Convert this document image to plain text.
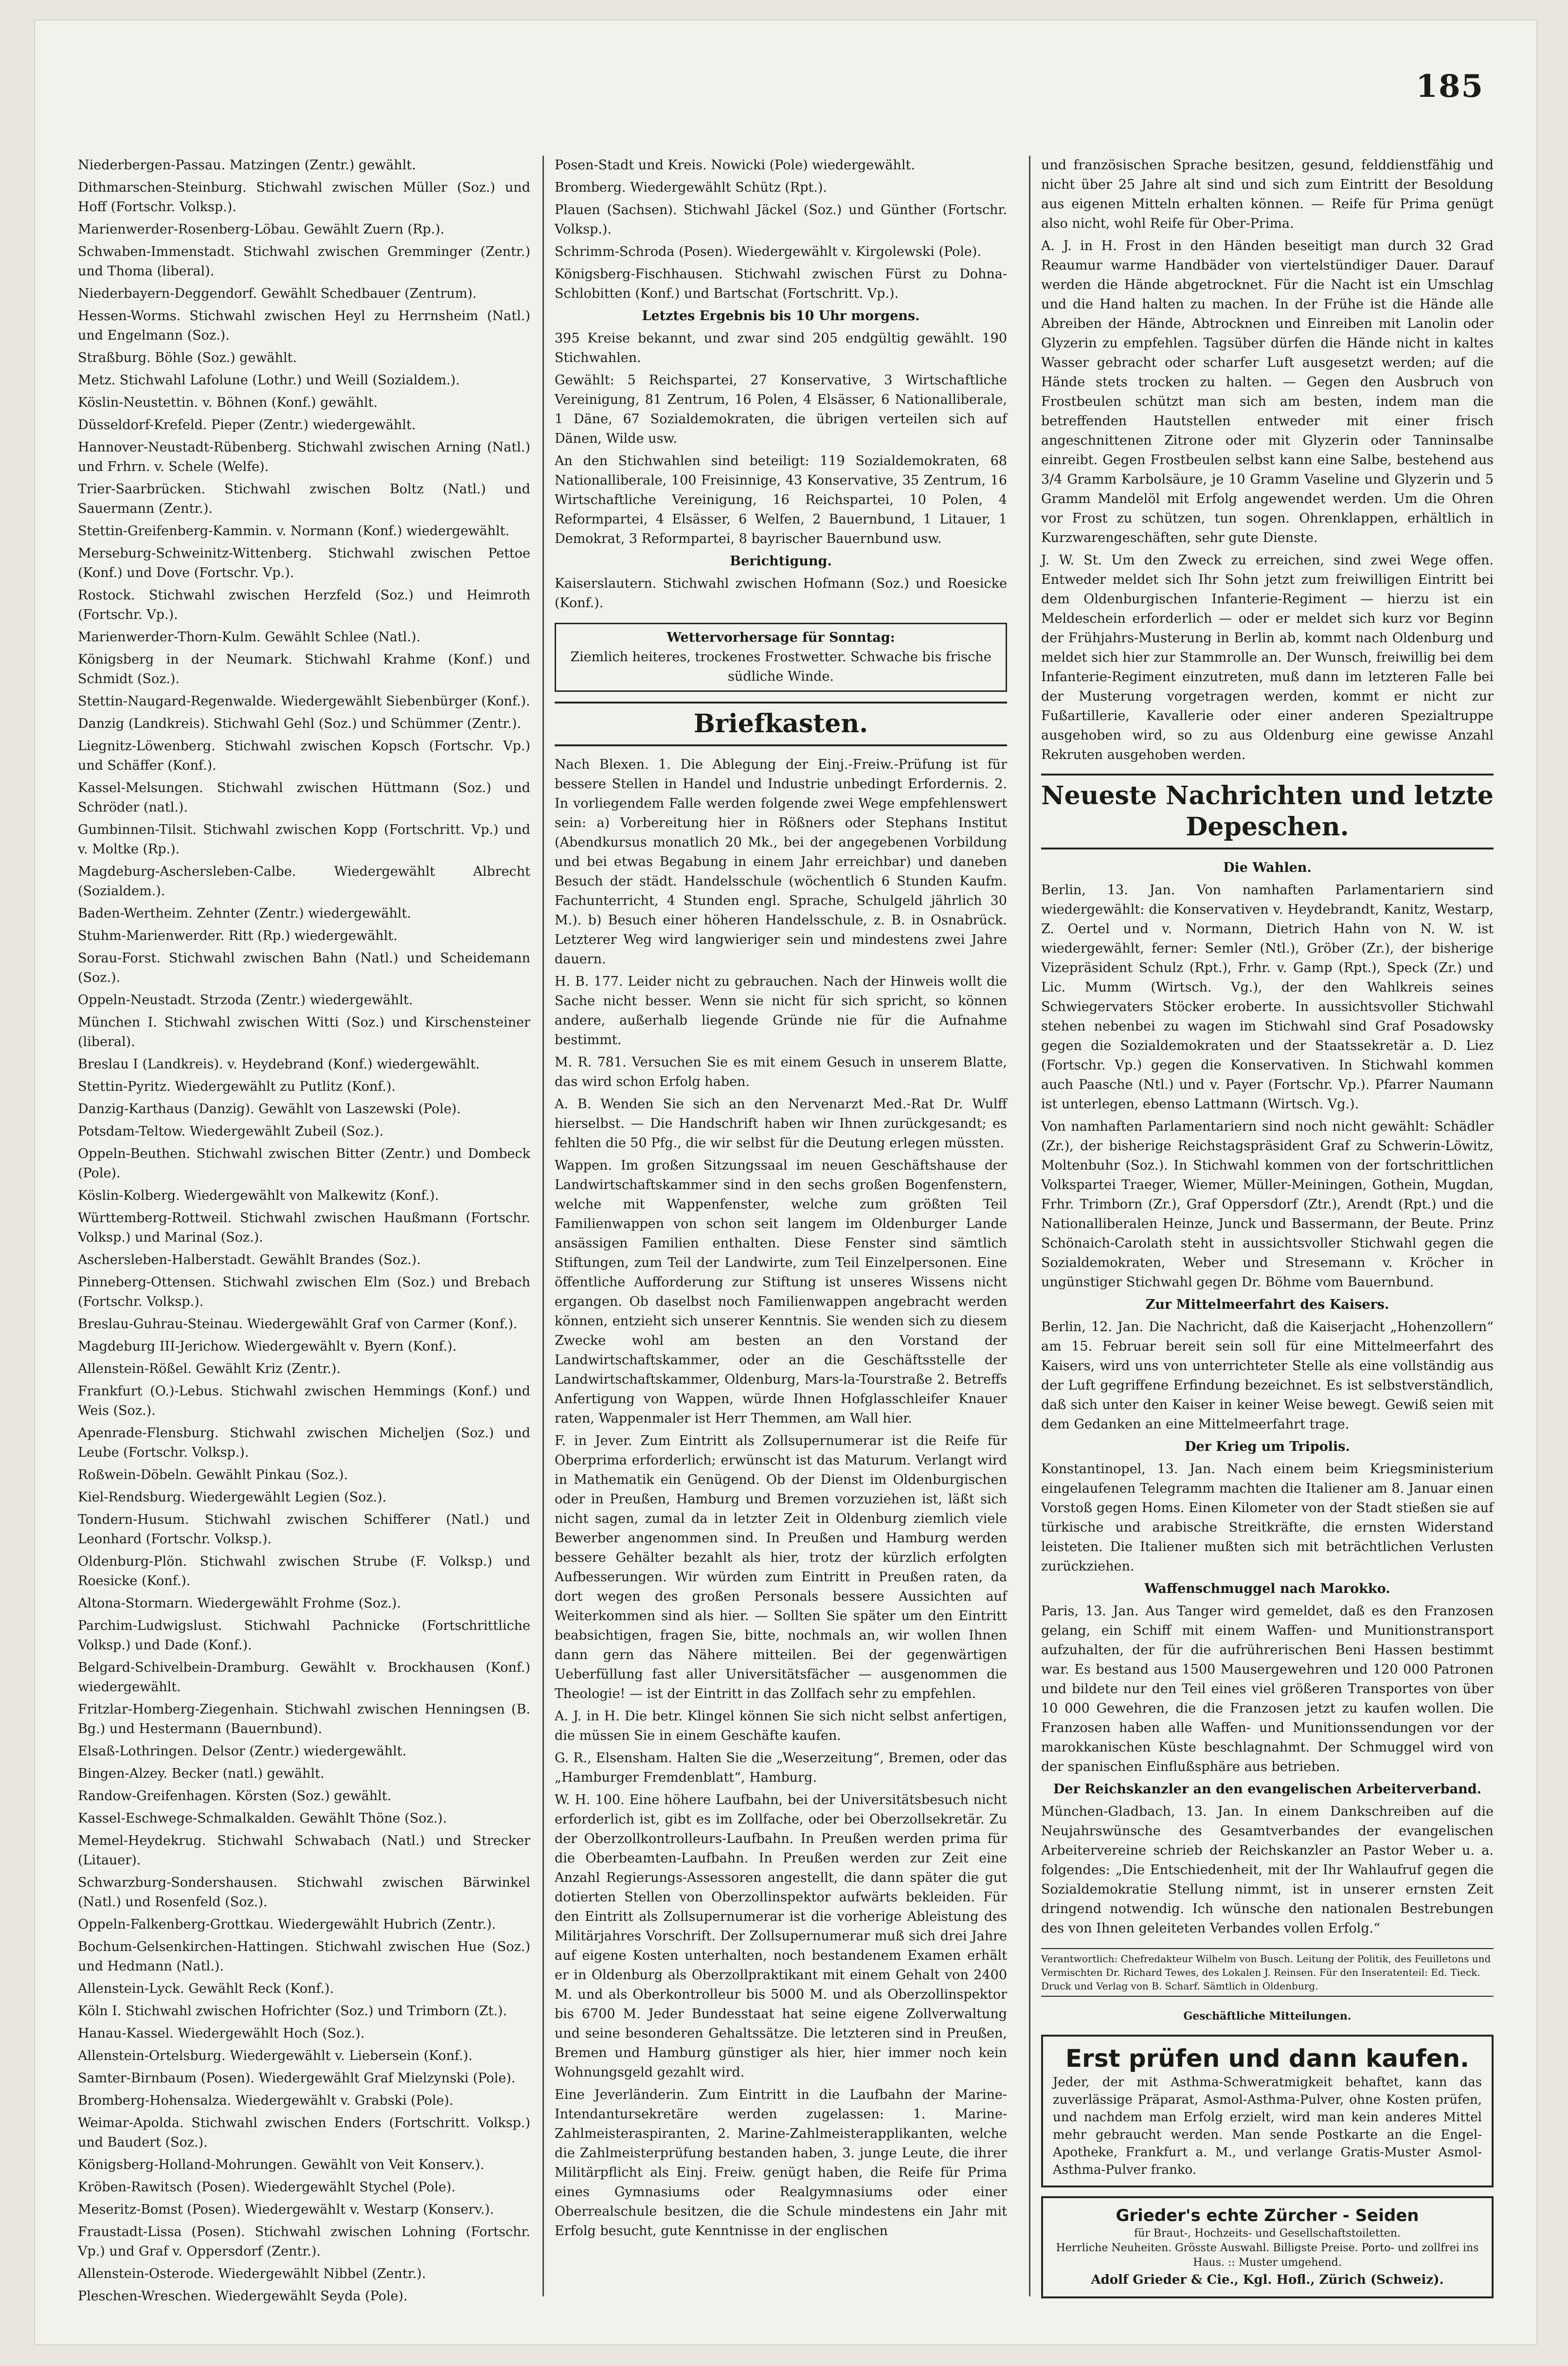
185

Niederbergen-Passau. Matzingen (Zentr.) gewählt.

Dithmarschen-Steinburg. Stichwahl zwischen Müller (Soz.) und Hoff (Fortschr. Volksp.).

Marienwerder-Rosenberg-Löbau. Gewählt Zuern (Rp.).

Schwaben-Immenstadt. Stichwahl zwischen Gremminger (Zentr.) und Thoma (liberal).

Niederbayern-Deggendorf. Gewählt Schedbauer (Zentrum).

Hessen-Worms. Stichwahl zwischen Heyl zu Herrnsheim (Natl.) und Engelmann (Soz.).

Straßburg. Böhle (Soz.) gewählt.

Metz. Stichwahl Lafolune (Lothr.) und Weill (Sozialdem.).

Köslin-Neustettin. v. Böhnen (Konf.) gewählt.

Düsseldorf-Krefeld. Pieper (Zentr.) wiedergewählt.

Hannover-Neustadt-Rübenberg. Stichwahl zwischen Arning (Natl.) und Frhrn. v. Schele (Welfe).

Trier-Saarbrücken. Stichwahl zwischen Boltz (Natl.) und Sauermann (Zentr.).

Stettin-Greifenberg-Kammin. v. Normann (Konf.) wiedergewählt.

Merseburg-Schweinitz-Wittenberg. Stichwahl zwischen Pettoe (Konf.) und Dove (Fortschr. Vp.).

Rostock. Stichwahl zwischen Herzfeld (Soz.) und Heimroth (Fortschr. Vp.).

Marienwerder-Thorn-Kulm. Gewählt Schlee (Natl.).

Königsberg in der Neumark. Stichwahl Krahme (Konf.) und Schmidt (Soz.).

Stettin-Naugard-Regenwalde. Wiedergewählt Siebenbürger (Konf.).

Danzig (Landkreis). Stichwahl Gehl (Soz.) und Schümmer (Zentr.).

Liegnitz-Löwenberg. Stichwahl zwischen Kopsch (Fortschr. Vp.) und Schäffer (Konf.).

Kassel-Melsungen. Stichwahl zwischen Hüttmann (Soz.) und Schröder (natl.).

Gumbinnen-Tilsit. Stichwahl zwischen Kopp (Fortschritt. Vp.) und v. Moltke (Rp.).

Magdeburg-Aschersleben-Calbe. Wiedergewählt Albrecht (Sozialdem.).

Baden-Wertheim. Zehnter (Zentr.) wiedergewählt.

Stuhm-Marienwerder. Ritt (Rp.) wiedergewählt.

Sorau-Forst. Stichwahl zwischen Bahn (Natl.) und Scheidemann (Soz.).

Oppeln-Neustadt. Strzoda (Zentr.) wiedergewählt.

München I. Stichwahl zwischen Witti (Soz.) und Kirschensteiner (liberal).

Breslau I (Landkreis). v. Heydebrand (Konf.) wiedergewählt.

Stettin-Pyritz. Wiedergewählt zu Putlitz (Konf.).

Danzig-Karthaus (Danzig). Gewählt von Laszewski (Pole).

Potsdam-Teltow. Wiedergewählt Zubeil (Soz.).

Oppeln-Beuthen. Stichwahl zwischen Bitter (Zentr.) und Dombeck (Pole).

Köslin-Kolberg. Wiedergewählt von Malkewitz (Konf.).

Württemberg-Rottweil. Stichwahl zwischen Haußmann (Fortschr. Volksp.) und Marinal (Soz.).

Aschersleben-Halberstadt. Gewählt Brandes (Soz.).

Pinneberg-Ottensen. Stichwahl zwischen Elm (Soz.) und Brebach (Fortschr. Volksp.).

Breslau-Guhrau-Steinau. Wiedergewählt Graf von Carmer (Konf.).

Magdeburg III-Jerichow. Wiedergewählt v. Byern (Konf.).

Allenstein-Rößel. Gewählt Kriz (Zentr.).

Frankfurt (O.)-Lebus. Stichwahl zwischen Hemmings (Konf.) und Weis (Soz.).

Apenrade-Flensburg. Stichwahl zwischen Micheljen (Soz.) und Leube (Fortschr. Volksp.).

Roßwein-Döbeln. Gewählt Pinkau (Soz.).

Kiel-Rendsburg. Wiedergewählt Legien (Soz.).

Tondern-Husum. Stichwahl zwischen Schifferer (Natl.) und Leonhard (Fortschr. Volksp.).

Oldenburg-Plön. Stichwahl zwischen Strube (F. Volksp.) und Roesicke (Konf.).

Altona-Stormarn. Wiedergewählt Frohme (Soz.).

Parchim-Ludwigslust. Stichwahl Pachnicke (Fortschrittliche Volksp.) und Dade (Konf.).

Belgard-Schivelbein-Dramburg. Gewählt v. Brockhausen (Konf.) wiedergewählt.

Fritzlar-Homberg-Ziegenhain. Stichwahl zwischen Henningsen (B. Bg.) und Hestermann (Bauernbund).

Elsaß-Lothringen. Delsor (Zentr.) wiedergewählt.

Bingen-Alzey. Becker (natl.) gewählt.

Randow-Greifenhagen. Körsten (Soz.) gewählt.

Kassel-Eschwege-Schmalkalden. Gewählt Thöne (Soz.).

Memel-Heydekrug. Stichwahl Schwabach (Natl.) und Strecker (Litauer).

Schwarzburg-Sondershausen. Stichwahl zwischen Bärwinkel (Natl.) und Rosenfeld (Soz.).

Oppeln-Falkenberg-Grottkau. Wiedergewählt Hubrich (Zentr.).

Bochum-Gelsenkirchen-Hattingen. Stichwahl zwischen Hue (Soz.) und Hedmann (Natl.).

Allenstein-Lyck. Gewählt Reck (Konf.).

Köln I. Stichwahl zwischen Hofrichter (Soz.) und Trimborn (Zt.).

Hanau-Kassel. Wiedergewählt Hoch (Soz.).

Allenstein-Ortelsburg. Wiedergewählt v. Liebersein (Konf.).

Samter-Birnbaum (Posen). Wiedergewählt Graf Mielzynski (Pole).

Bromberg-Hohensalza. Wiedergewählt v. Grabski (Pole).

Weimar-Apolda. Stichwahl zwischen Enders (Fortschritt. Volksp.) und Baudert (Soz.).

Königsberg-Holland-Mohrungen. Gewählt von Veit Konserv.).

Kröben-Rawitsch (Posen). Wiedergewählt Stychel (Pole).

Meseritz-Bomst (Posen). Wiedergewählt v. Westarp (Konserv.).

Fraustadt-Lissa (Posen). Stichwahl zwischen Lohning (Fortschr. Vp.) und Graf v. Oppersdorf (Zentr.).

Allenstein-Osterode. Wiedergewählt Nibbel (Zentr.).

Pleschen-Wreschen. Wiedergewählt Seyda (Pole).

Posen-Stadt und Kreis. Nowicki (Pole) wiedergewählt.

Bromberg. Wiedergewählt Schütz (Rpt.).

Plauen (Sachsen). Stichwahl Jäckel (Soz.) und Günther (Fortschr. Volksp.).

Schrimm-Schroda (Posen). Wiedergewählt v. Kirgolewski (Pole).

Königsberg-Fischhausen. Stichwahl zwischen Fürst zu Dohna-Schlobitten (Konf.) und Bartschat (Fortschritt. Vp.).

Letztes Ergebnis bis 10 Uhr morgens.

395 Kreise bekannt, und zwar sind 205 endgültig gewählt. 190 Stichwahlen.

Gewählt: 5 Reichspartei, 27 Konservative, 3 Wirtschaftliche Vereinigung, 81 Zentrum, 16 Polen, 4 Elsässer, 6 Nationalliberale, 1 Däne, 67 Sozialdemokraten, die übrigen verteilen sich auf Dänen, Wilde usw.

An den Stichwahlen sind beteiligt: 119 Sozialdemokraten, 68 Nationalliberale, 100 Freisinnige, 43 Konservative, 35 Zentrum, 16 Wirtschaftliche Vereinigung, 16 Reichspartei, 10 Polen, 4 Reformpartei, 4 Elsässer, 6 Welfen, 2 Bauernbund, 1 Litauer, 1 Demokrat, 3 Reformpartei, 8 bayrischer Bauernbund usw.

Berichtigung.

Kaiserslautern. Stichwahl zwischen Hofmann (Soz.) und Roesicke (Konf.).

Wettervorhersage für Sonntag:
Ziemlich heiteres, trockenes Frostwetter. Schwache bis frische südliche Winde.
Briefkasten.

Nach Blexen. 1. Die Ablegung der Einj.-Freiw.-Prüfung ist für bessere Stellen in Handel und Industrie unbedingt Erfordernis. 2. In vorliegendem Falle werden folgende zwei Wege empfehlenswert sein: a) Vorbereitung hier in Rößners oder Stephans Institut (Abendkursus monatlich 20 Mk., bei der angegebenen Vorbildung und bei etwas Begabung in einem Jahr erreichbar) und daneben Besuch der städt. Handelsschule (wöchentlich 6 Stunden Kaufm. Fachunterricht, 4 Stunden engl. Sprache, Schulgeld jährlich 30 M.). b) Besuch einer höheren Handelsschule, z. B. in Osnabrück. Letzterer Weg wird langwieriger sein und mindestens zwei Jahre dauern.

H. B. 177. Leider nicht zu gebrauchen. Nach der Hinweis wollt die Sache nicht besser. Wenn sie nicht für sich spricht, so können andere, außerhalb liegende Gründe nie für die Aufnahme bestimmt.

M. R. 781. Versuchen Sie es mit einem Gesuch in unserem Blatte, das wird schon Erfolg haben.

A. B. Wenden Sie sich an den Nervenarzt Med.-Rat Dr. Wulff hierselbst. — Die Handschrift haben wir Ihnen zurückgesandt; es fehlten die 50 Pfg., die wir selbst für die Deutung erlegen müssten.

Wappen. Im großen Sitzungssaal im neuen Geschäftshause der Landwirtschaftskammer sind in den sechs großen Bogenfenstern, welche mit Wappenfenster, welche zum größten Teil Familienwappen von schon seit langem im Oldenburger Lande ansässigen Familien enthalten. Diese Fenster sind sämtlich Stiftungen, zum Teil der Landwirte, zum Teil Einzelpersonen. Eine öffentliche Aufforderung zur Stiftung ist unseres Wissens nicht ergangen. Ob daselbst noch Familienwappen angebracht werden können, entzieht sich unserer Kenntnis. Sie wenden sich zu diesem Zwecke wohl am besten an den Vorstand der Landwirtschaftskammer, oder an die Geschäftsstelle der Landwirtschaftskammer, Oldenburg, Mars-la-Tourstraße 2. Betreffs Anfertigung von Wappen, würde Ihnen Hofglasschleifer Knauer raten, Wappenmaler ist Herr Themmen, am Wall hier.

F. in Jever. Zum Eintritt als Zollsupernumerar ist die Reife für Oberprima erforderlich; erwünscht ist das Maturum. Verlangt wird in Mathematik ein Genügend. Ob der Dienst im Oldenburgischen oder in Preußen, Hamburg und Bremen vorzuziehen ist, läßt sich nicht sagen, zumal da in letzter Zeit in Oldenburg ziemlich viele Bewerber angenommen sind. In Preußen und Hamburg werden bessere Gehälter bezahlt als hier, trotz der kürzlich erfolgten Aufbesserungen. Wir würden zum Eintritt in Preußen raten, da dort wegen des großen Personals bessere Aussichten auf Weiterkommen sind als hier. — Sollten Sie später um den Eintritt beabsichtigen, fragen Sie, bitte, nochmals an, wir wollen Ihnen dann gern das Nähere mitteilen. Bei der gegenwärtigen Ueberfüllung fast aller Universitätsfächer — ausgenommen die Theologie! — ist der Eintritt in das Zollfach sehr zu empfehlen.

A. J. in H. Die betr. Klingel können Sie sich nicht selbst anfertigen, die müssen Sie in einem Geschäfte kaufen.

G. R., Elsensham. Halten Sie die „Weserzeitung“, Bremen, oder das „Hamburger Fremdenblatt“, Hamburg.

W. H. 100. Eine höhere Laufbahn, bei der Universitätsbesuch nicht erforderlich ist, gibt es im Zollfache, oder bei Oberzollsekretär. Zu der Oberzollkontrolleurs-Laufbahn. In Preußen werden prima für die Oberbeamten-Laufbahn. In Preußen werden zur Zeit eine Anzahl Regierungs-Assessoren angestellt, die dann später die gut dotierten Stellen von Oberzollinspektor aufwärts bekleiden. Für den Eintritt als Zollsupernumerar ist die vorherige Ableistung des Militärjahres Vorschrift. Der Zollsupernumerar muß sich drei Jahre auf eigene Kosten unterhalten, noch bestandenem Examen erhält er in Oldenburg als Oberzollpraktikant mit einem Gehalt von 2400 M. und als Oberkontrolleur bis 5000 M. und als Oberzollinspektor bis 6700 M. Jeder Bundesstaat hat seine eigene Zollverwaltung und seine besonderen Gehaltssätze. Die letzteren sind in Preußen, Bremen und Hamburg günstiger als hier, hier immer noch kein Wohnungsgeld gezahlt wird.

Eine Jeverländerin. Zum Eintritt in die Laufbahn der Marine-Intendantursekretäre werden zugelassen: 1. Marine-Zahlmeisteraspiranten, 2. Marine-Zahlmeisterapplikanten, welche die Zahlmeisterprüfung bestanden haben, 3. junge Leute, die ihrer Militärpflicht als Einj. Freiw. genügt haben, die Reife für Prima eines Gymnasiums oder Realgymnasiums oder einer Oberrealschule besitzen, die die Schule mindestens ein Jahr mit Erfolg besucht, gute Kenntnisse in der englischen

und französischen Sprache besitzen, gesund, felddienstfähig und nicht über 25 Jahre alt sind und sich zum Eintritt der Besoldung aus eigenen Mitteln erhalten können. — Reife für Prima genügt also nicht, wohl Reife für Ober-Prima.

A. J. in H. Frost in den Händen beseitigt man durch 32 Grad Reaumur warme Handbäder von viertelstündiger Dauer. Darauf werden die Hände abgetrocknet. Für die Nacht ist ein Umschlag und die Hand halten zu machen. In der Frühe ist die Hände alle Abreiben der Hände, Abtrocknen und Einreiben mit Lanolin oder Glyzerin zu empfehlen. Tagsüber dürfen die Hände nicht in kaltes Wasser gebracht oder scharfer Luft ausgesetzt werden; auf die Hände stets trocken zu halten. — Gegen den Ausbruch von Frostbeulen schützt man sich am besten, indem man die betreffenden Hautstellen entweder mit einer frisch angeschnittenen Zitrone oder mit Glyzerin oder Tanninsalbe einreibt. Gegen Frostbeulen selbst kann eine Salbe, bestehend aus 3/4 Gramm Karbolsäure, je 10 Gramm Vaseline und Glyzerin und 5 Gramm Mandelöl mit Erfolg angewendet werden. Um die Ohren vor Frost zu schützen, tun sogen. Ohrenklappen, erhältlich in Kurzwarengeschäften, sehr gute Dienste.

J. W. St. Um den Zweck zu erreichen, sind zwei Wege offen. Entweder meldet sich Ihr Sohn jetzt zum freiwilligen Eintritt bei dem Oldenburgischen Infanterie-Regiment — hierzu ist ein Meldeschein erforderlich — oder er meldet sich kurz vor Beginn der Frühjahrs-Musterung in Berlin ab, kommt nach Oldenburg und meldet sich hier zur Stammrolle an. Der Wunsch, freiwillig bei dem Infanterie-Regiment einzutreten, muß dann im letzteren Falle bei der Musterung vorgetragen werden, kommt er nicht zur Fußartillerie, Kavallerie oder einer anderen Spezialtruppe ausgehoben wird, so zu aus Oldenburg eine gewisse Anzahl Rekruten ausgehoben werden.

Neueste Nachrichten und letzte Depeschen.

Die Wahlen.

Berlin, 13. Jan. Von namhaften Parlamentariern sind wiedergewählt: die Konservativen v. Heydebrandt, Kanitz, Westarp, Z. Oertel und v. Normann, Dietrich Hahn von N. W. ist wiedergewählt, ferner: Semler (Ntl.), Gröber (Zr.), der bisherige Vizepräsident Schulz (Rpt.), Frhr. v. Gamp (Rpt.), Speck (Zr.) und Lic. Mumm (Wirtsch. Vg.), der den Wahlkreis seines Schwiegervaters Stöcker eroberte. In aussichtsvoller Stichwahl stehen nebenbei zu wagen im Stichwahl sind Graf Posadowsky gegen die Sozialdemokraten und der Staatssekretär a. D. Liez (Fortschr. Vp.) gegen die Konservativen. In Stichwahl kommen auch Paasche (Ntl.) und v. Payer (Fortschr. Vp.). Pfarrer Naumann ist unterlegen, ebenso Lattmann (Wirtsch. Vg.).

Von namhaften Parlamentariern sind noch nicht gewählt: Schädler (Zr.), der bisherige Reichstagspräsident Graf zu Schwerin-Löwitz, Moltenbuhr (Soz.). In Stichwahl kommen von der fortschrittlichen Volkspartei Traeger, Wiemer, Müller-Meiningen, Gothein, Mugdan, Frhr. Trimborn (Zr.), Graf Oppersdorf (Ztr.), Arendt (Rpt.) und die Nationalliberalen Heinze, Junck und Bassermann, der Beute. Prinz Schönaich-Carolath steht in aussichtsvoller Stichwahl gegen die Sozialdemokraten, Weber und Stresemann v. Kröcher in ungünstiger Stichwahl gegen Dr. Böhme vom Bauernbund.

Zur Mittelmeerfahrt des Kaisers.

Berlin, 12. Jan. Die Nachricht, daß die Kaiserjacht „Hohenzollern“ am 15. Februar bereit sein soll für eine Mittelmeerfahrt des Kaisers, wird uns von unterrichteter Stelle als eine vollständig aus der Luft gegriffene Erfindung bezeichnet. Es ist selbstverständlich, daß sich unter den Kaiser in keiner Weise bewegt. Gewiß seien mit dem Gedanken an eine Mittelmeerfahrt trage.

Der Krieg um Tripolis.

Konstantinopel, 13. Jan. Nach einem beim Kriegsministerium eingelaufenen Telegramm machten die Italiener am 8. Januar einen Vorstoß gegen Homs. Einen Kilometer von der Stadt stießen sie auf türkische und arabische Streitkräfte, die ernsten Widerstand leisteten. Die Italiener mußten sich mit beträchtlichen Verlusten zurückziehen.

Waffenschmuggel nach Marokko.

Paris, 13. Jan. Aus Tanger wird gemeldet, daß es den Franzosen gelang, ein Schiff mit einem Waffen- und Munitionstransport aufzuhalten, der für die aufrührerischen Beni Hassen bestimmt war. Es bestand aus 1500 Mausergewehren und 120 000 Patronen und bildete nur den Teil eines viel größeren Transportes von über 10 000 Gewehren, die die Franzosen jetzt zu kaufen wollen. Die Franzosen haben alle Waffen- und Munitionssendungen vor der marokkanischen Küste beschlagnahmt. Der Schmuggel wird von der spanischen Einflußsphäre aus betrieben.

Der Reichskanzler an den evangelischen Arbeiterverband.

München-Gladbach, 13. Jan. In einem Dankschreiben auf die Neujahrswünsche des Gesamtverbandes der evangelischen Arbeitervereine schrieb der Reichskanzler an Pastor Weber u. a. folgendes: „Die Entschiedenheit, mit der Ihr Wahlaufruf gegen die Sozialdemokratie Stellung nimmt, ist in unserer ernsten Zeit dringend notwendig. Ich wünsche den nationalen Bestrebungen des von Ihnen geleiteten Verbandes vollen Erfolg.“

Verantwortlich: Chefredakteur Wilhelm von Busch. Leitung der Politik, des Feuilletons und Vermischten Dr. Richard Tewes, des Lokalen J. Reinsen. Für den Inseratenteil: Ed. Tieck. Druck und Verlag von B. Scharf. Sämtlich in Oldenburg.

Geschäftliche Mitteilungen.

Erst prüfen und dann kaufen.
Jeder, der mit Asthma-Schweratmigkeit behaftet, kann das zuverlässige Präparat, Asmol-Asthma-Pulver, ohne Kosten prüfen, und nachdem man Erfolg erzielt, wird man kein anderes Mittel mehr gebraucht werden. Man sende Postkarte an die Engel-Apotheke, Frankfurt a. M., und verlange Gratis-Muster Asmol-Asthma-Pulver franko.
Grieder's echte Zürcher - Seiden
für Braut-, Hochzeits- und Gesellschaftstoiletten.
Herrliche Neuheiten. Grösste Auswahl. Billigste Preise. Porto- und zollfrei ins Haus. :: Muster umgehend.
Adolf Grieder & Cie., Kgl. Hofl., Zürich (Schweiz).
